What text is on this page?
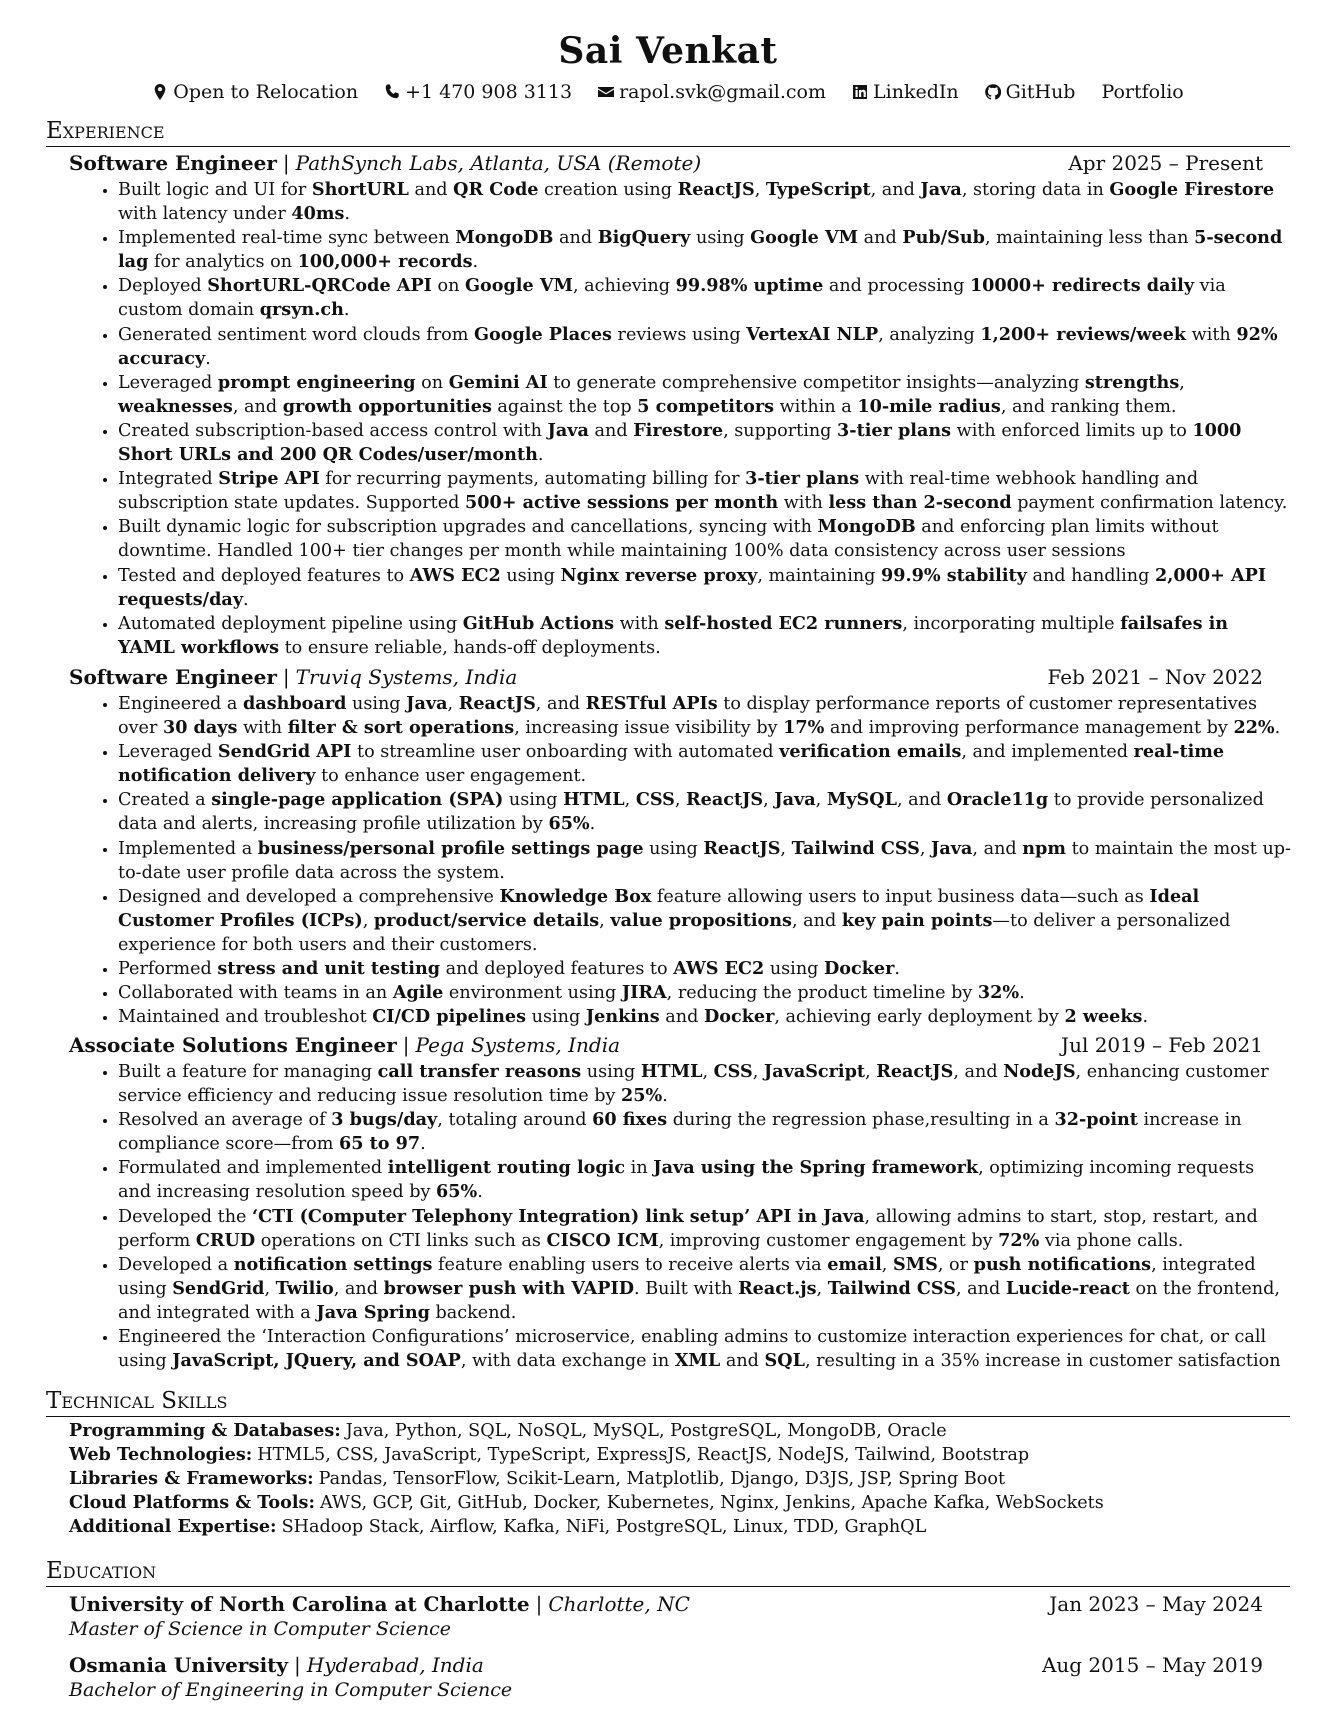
Sai Venkat
Open to Relocation +1 470 908 3113 rapol.svk@gmail.com LinkedIn GitHub Portfolio
Experience
Software Engineer | PathSynch Labs, Atlanta, USA (Remote)	Apr 2025 – Present
• Built logic and UI for ShortURL and QR Code creation using ReactJS, TypeScript, and Java, storing data in Google Firestore with latency under 40ms.
• Implemented real-time sync between MongoDB and BigQuery using Google VM and Pub/Sub, maintaining less than 5-second lag for analytics on 100,000+ records.
• Deployed ShortURL-QRCode API on Google VM, achieving 99.98% uptime and processing 10000+ redirects daily via custom domain qrsyn.ch.
• Generated sentiment word clouds from Google Places reviews using VertexAI NLP, analyzing 1,200+ reviews/week with 92% accuracy.
• Leveraged prompt engineering on Gemini AI to generate comprehensive competitor insights—analyzing strengths, weaknesses, and growth opportunities against the top 5 competitors within a 10-mile radius, and ranking them.
• Created subscription-based access control with Java and Firestore, supporting 3-tier plans with enforced limits up to 1000 Short URLs and 200 QR Codes/user/month.
• Integrated Stripe API for recurring payments, automating billing for 3-tier plans with real-time webhook handling and subscription state updates. Supported 500+ active sessions per month with less than 2-second payment confirmation latency.
• Built dynamic logic for subscription upgrades and cancellations, syncing with MongoDB and enforcing plan limits without downtime. Handled 100+ tier changes per month while maintaining 100% data consistency across user sessions
• Tested and deployed features to AWS EC2 using Nginx reverse proxy, maintaining 99.9% stability and handling 2,000+ API requests/day.
• Automated deployment pipeline using GitHub Actions with self-hosted EC2 runners, incorporating multiple failsafes in YAML workflows to ensure reliable, hands-off deployments.
Software Engineer | Truviq Systems, India	Feb 2021 – Nov 2022
• Engineered a dashboard using Java, ReactJS, and RESTful APIs to display performance reports of customer representatives over 30 days with filter & sort operations, increasing issue visibility by 17% and improving performance management by 22%.
• Leveraged SendGrid API to streamline user onboarding with automated verification emails, and implemented real-time notification delivery to enhance user engagement.
• Created a single-page application (SPA) using HTML, CSS, ReactJS, Java, MySQL, and Oracle11g to provide personalized data and alerts, increasing profile utilization by 65%.
• Implemented a business/personal profile settings page using ReactJS, Tailwind CSS, Java, and npm to maintain the most up-to-date user profile data across the system.
• Designed and developed a comprehensive Knowledge Box feature allowing users to input business data—such as Ideal Customer Profiles (ICPs), product/service details, value propositions, and key pain points—to deliver a personalized experience for both users and their customers.
• Performed stress and unit testing and deployed features to AWS EC2 using Docker.
• Collaborated with teams in an Agile environment using JIRA, reducing the product timeline by 32%.
• Maintained and troubleshot CI/CD pipelines using Jenkins and Docker, achieving early deployment by 2 weeks.
Associate Solutions Engineer | Pega Systems, India	Jul 2019 – Feb 2021
• Built a feature for managing call transfer reasons using HTML, CSS, JavaScript, ReactJS, and NodeJS, enhancing customer service efficiency and reducing issue resolution time by 25%.
• Resolved an average of 3 bugs/day, totaling around 60 fixes during the regression phase,resulting in a 32-point increase in compliance score—from 65 to 97.
• Formulated and implemented intelligent routing logic in Java using the Spring framework, optimizing incoming requests and increasing resolution speed by 65%.
• Developed the ‘CTI (Computer Telephony Integration) link setup’ API in Java, allowing admins to start, stop, restart, and perform CRUD operations on CTI links such as CISCO ICM, improving customer engagement by 72% via phone calls.
• Developed a notification settings feature enabling users to receive alerts via email, SMS, or push notifications, integrated using SendGrid, Twilio, and browser push with VAPID. Built with React.js, Tailwind CSS, and Lucide-react on the frontend, and integrated with a Java Spring backend.
• Engineered the ‘Interaction Configurations’ microservice, enabling admins to customize interaction experiences for chat, or call using JavaScript, JQuery, and SOAP, with data exchange in XML and SQL, resulting in a 35% increase in customer satisfaction
Technical Skills
Programming & Databases: Java, Python, SQL, NoSQL, MySQL, PostgreSQL, MongoDB, Oracle
Web Technologies: HTML5, CSS, JavaScript, TypeScript, ExpressJS, ReactJS, NodeJS, Tailwind, Bootstrap
Libraries & Frameworks: Pandas, TensorFlow, Scikit-Learn, Matplotlib, Django, D3JS, JSP, Spring Boot
Cloud Platforms & Tools: AWS, GCP, Git, GitHub, Docker, Kubernetes, Nginx, Jenkins, Apache Kafka, WebSockets
Additional Expertise: SHadoop Stack, Airflow, Kafka, NiFi, PostgreSQL, Linux, TDD, GraphQL
Education
University of North Carolina at Charlotte | Charlotte, NC	Jan 2023 – May 2024
Master of Science in Computer Science
Osmania University | Hyderabad, India	Aug 2015 – May 2019
Bachelor of Engineering in Computer Science
